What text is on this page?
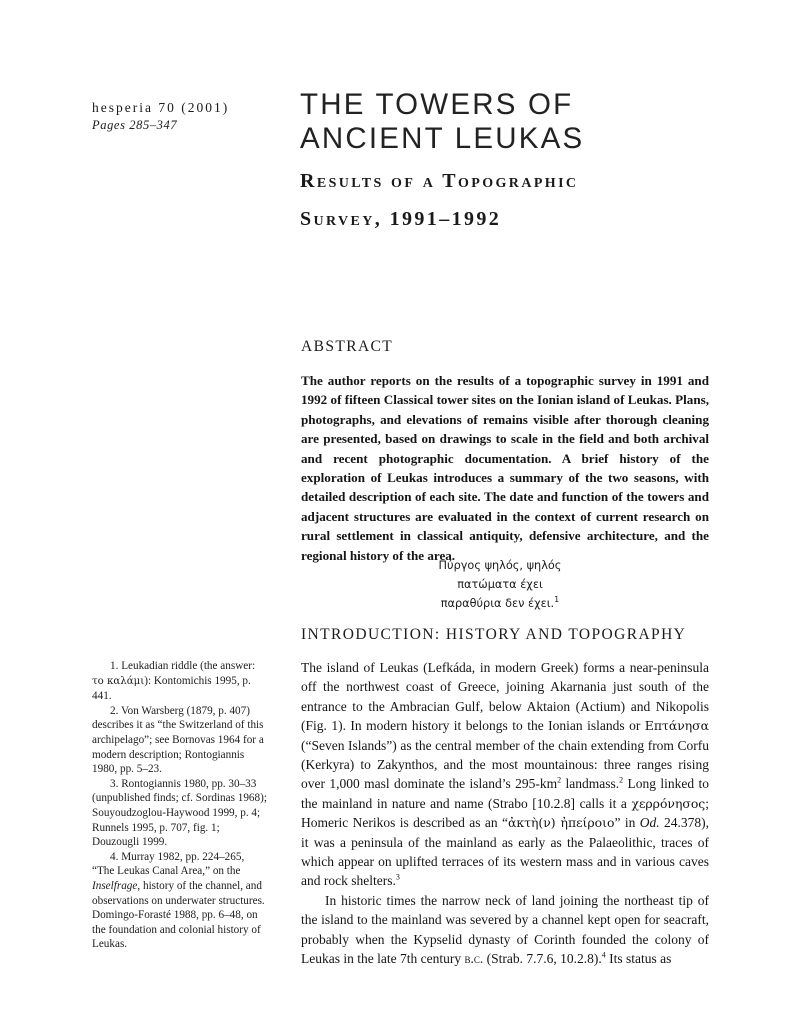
hesperia 70 (2001)
Pages 285–347
THE TOWERS OF
ANCIENT LEUKAS
Results of a Topographic
Survey, 1991–1992
ABSTRACT
The author reports on the results of a topographic survey in 1991 and 1992 of fifteen Classical tower sites on the Ionian island of Leukas. Plans, photographs, and elevations of remains visible after thorough cleaning are presented, based on drawings to scale in the field and both archival and recent photographic documentation. A brief history of the exploration of Leukas introduces a summary of the two seasons, with detailed description of each site. The date and function of the towers and adjacent structures are evaluated in the context of current research on rural settlement in classical antiquity, defensive architecture, and the regional history of the area.
Πύργος ψηλός, ψηλός
πατώματα έχει
παραθύρια δεν έχει.$^1$
INTRODUCTION: HISTORY AND TOPOGRAPHY

1. Leukadian riddle (the answer: το καλάμι): Kontomichis 1995, p. 441.

2. Von Warsberg (1879, p. 407) describes it as “the Switzerland of this archipelago”; see Bornovas 1964 for a modern description; Rontogiannis 1980, pp. 5–23.

3. Rontogiannis 1980, pp. 30–33 (unpublished finds; cf. Sordinas 1968); Souyoudzoglou-Haywood 1999, p. 4; Runnels 1995, p. 707, fig. 1; Douzougli 1999.

4. Murray 1982, pp. 224–265, “The Leukas Canal Area,” on the Inselfrage, history of the channel, and observations on underwater structures. Domingo-Forasté 1988, pp. 6–48, on the foundation and colonial history of Leukas.

The island of Leukas (Lefkáda, in modern Greek) forms a near-peninsula off the northwest coast of Greece, joining Akarnania just south of the entrance to the Ambracian Gulf, below Aktaion (Actium) and Nikopolis (Fig. 1). In modern history it belongs to the Ionian islands or Επτάνησα (“Seven Islands”) as the central member of the chain extending from Corfu (Kerkyra) to Zakynthos, and the most mountainous: three ranges rising over 1,000 masl dominate the island’s $295-km^2$ landmass.$^2$ Long linked to the mainland in nature and name (Strabo [10.2.8] calls it a χερρόνησος; Homeric Nerikos is described as an “ἀκτὴ(ν) ἠπείροιο” in Od. 24.378), it was a peninsula of the mainland as early as the Palaeolithic, traces of which appear on uplifted terraces of its western mass and in various caves and rock shelters.$^3$

In historic times the narrow neck of land joining the northeast tip of the island to the mainland was severed by a channel kept open for seacraft, probably when the Kypselid dynasty of Corinth founded the colony of Leukas in the late 7th century b.c. (Strab. 7.7.6, 10.2.8).$^4$ Its status as
